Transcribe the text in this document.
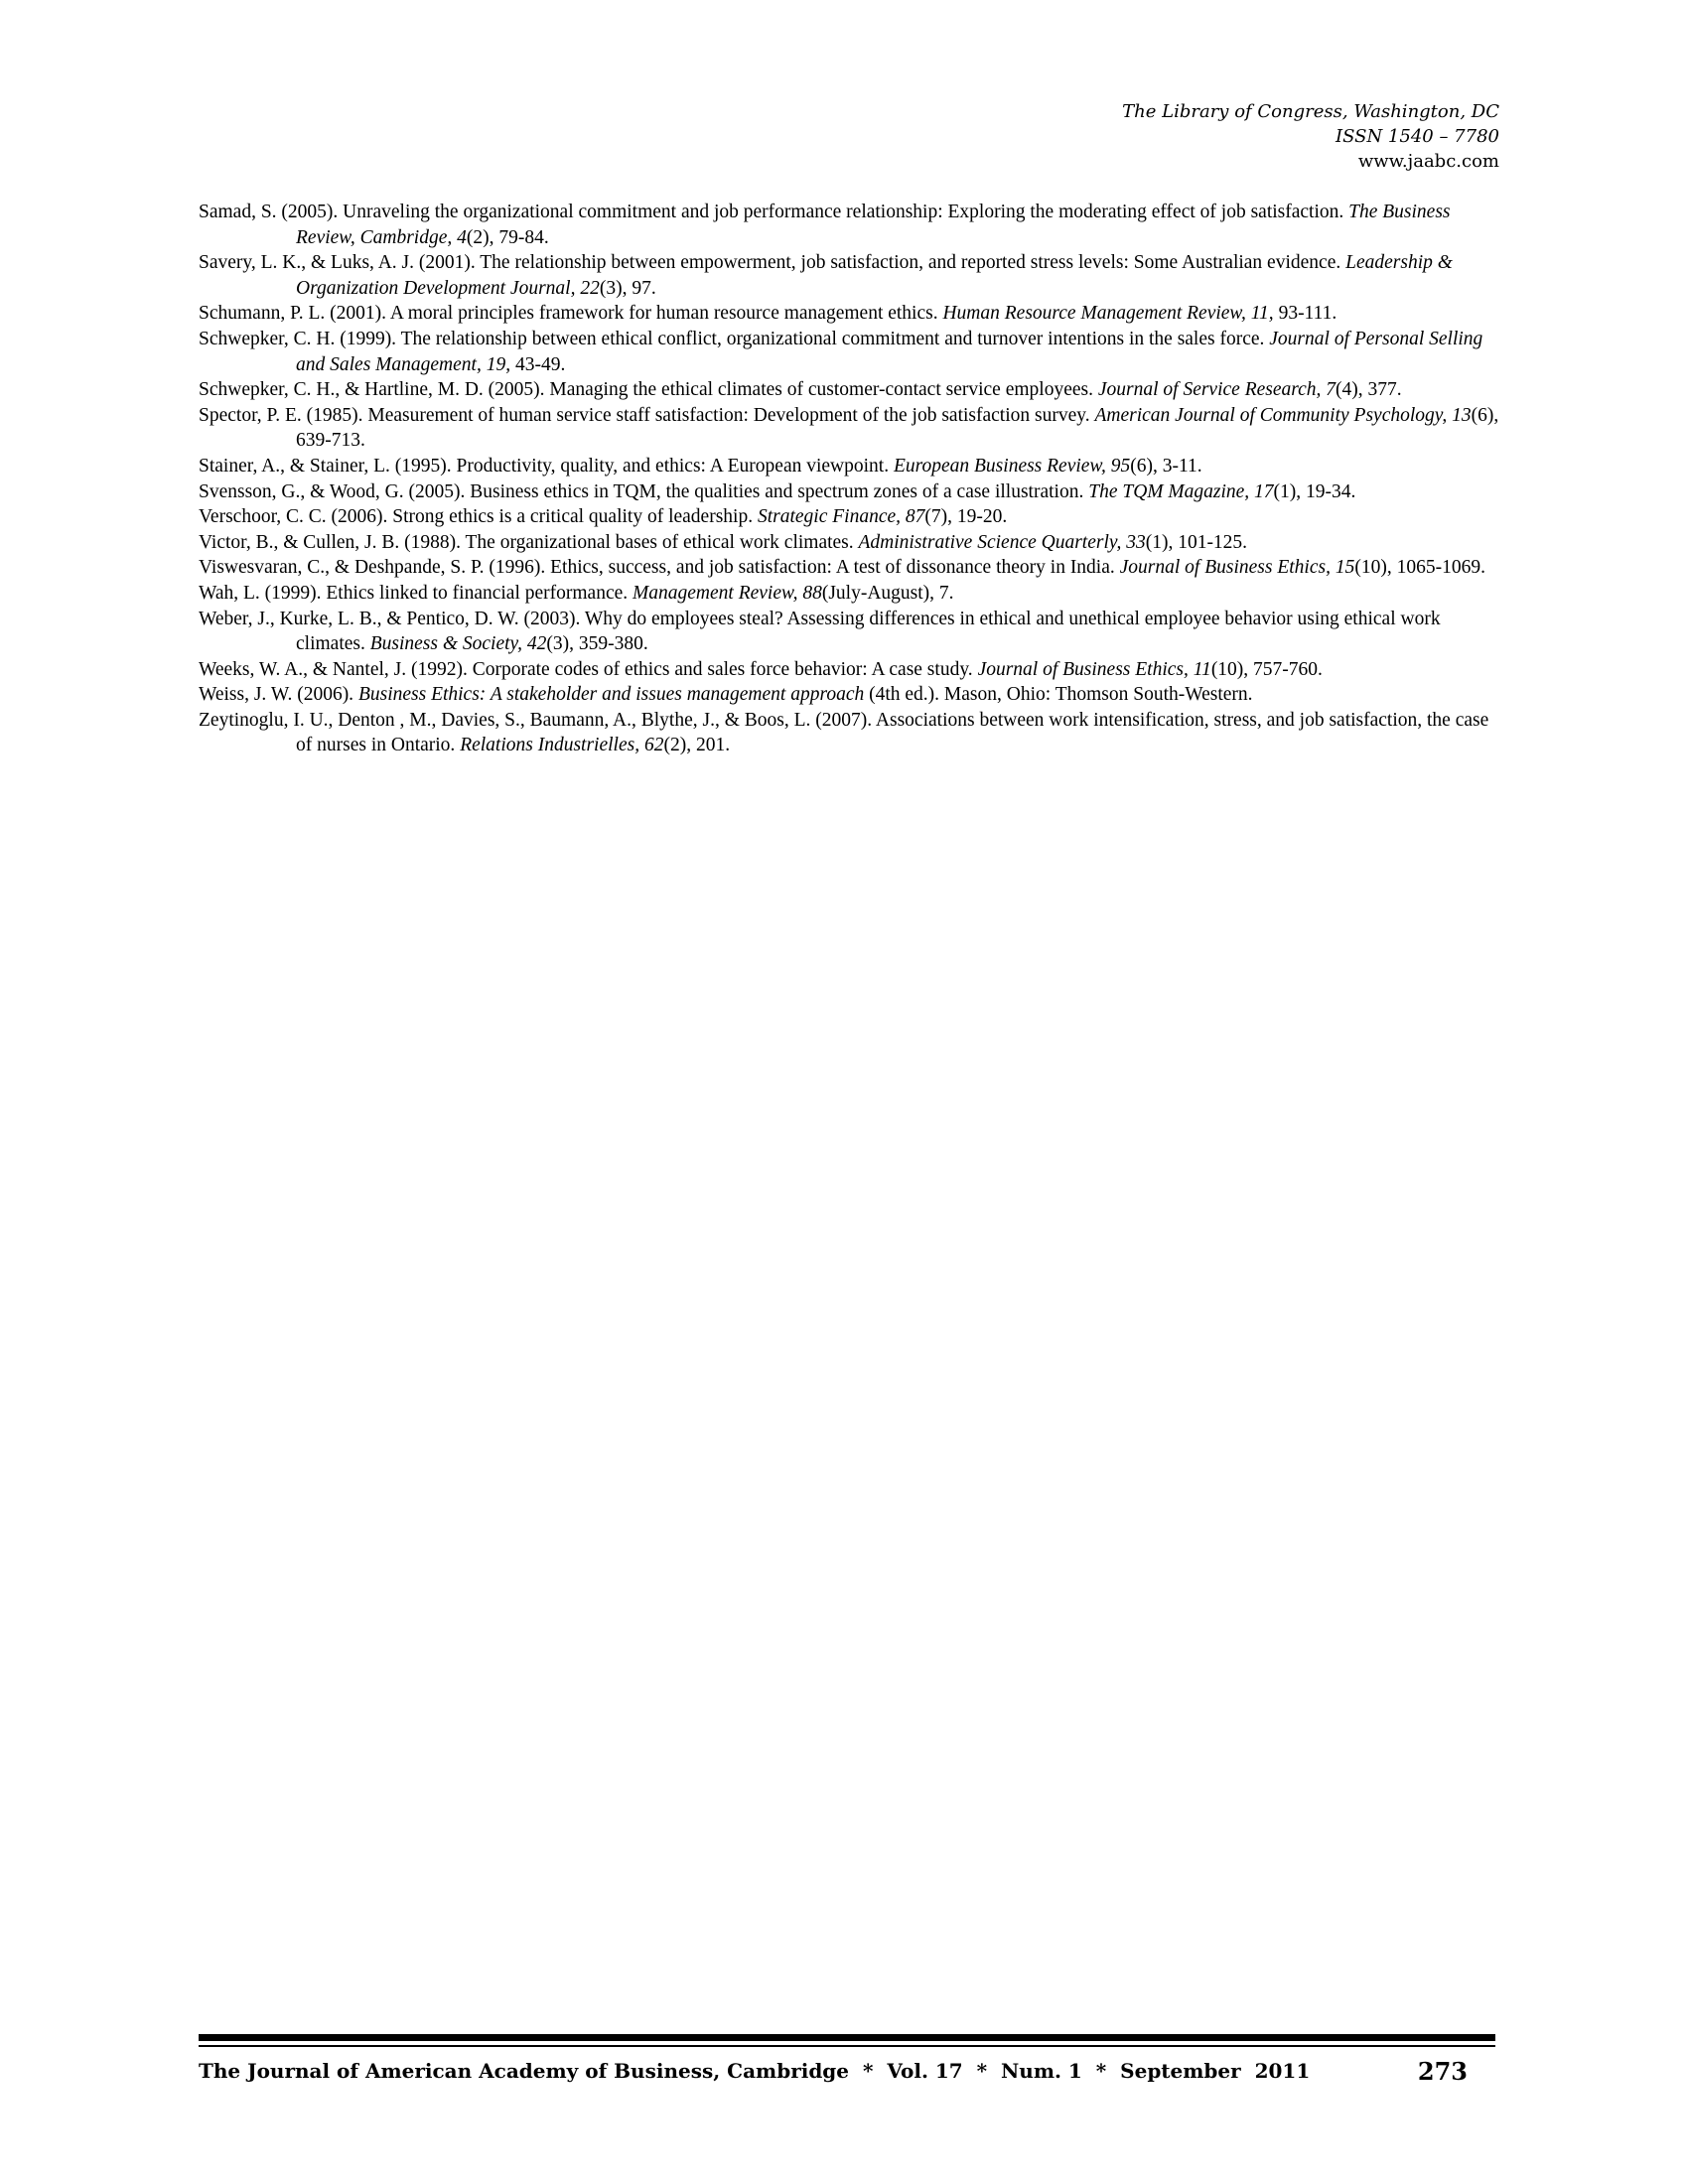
The Library of Congress, Washington, DC
ISSN 1540 – 7780
www.jaabc.com

Samad, S. (2005). Unraveling the organizational commitment and job performance relationship: Exploring the moderating effect of job satisfaction. The Business Review, Cambridge, 4(2), 79-84.

Savery, L. K., & Luks, A. J. (2001). The relationship between empowerment, job satisfaction, and reported stress levels: Some Australian evidence. Leadership & Organization Development Journal, 22(3), 97.

Schumann, P. L. (2001). A moral principles framework for human resource management ethics. Human Resource Management Review, 11, 93-111.

Schwepker, C. H. (1999). The relationship between ethical conflict, organizational commitment and turnover intentions in the sales force. Journal of Personal Selling and Sales Management, 19, 43-49.

Schwepker, C. H., & Hartline, M. D. (2005). Managing the ethical climates of customer-contact service employees. Journal of Service Research, 7(4), 377.

Spector, P. E. (1985). Measurement of human service staff satisfaction: Development of the job satisfaction survey. American Journal of Community Psychology, 13(6), 639-713.

Stainer, A., & Stainer, L. (1995). Productivity, quality, and ethics: A European viewpoint. European Business Review, 95(6), 3-11.

Svensson, G., & Wood, G. (2005). Business ethics in TQM, the qualities and spectrum zones of a case illustration. The TQM Magazine, 17(1), 19-34.

Verschoor, C. C. (2006). Strong ethics is a critical quality of leadership. Strategic Finance, 87(7), 19-20.

Victor, B., & Cullen, J. B. (1988). The organizational bases of ethical work climates. Administrative Science Quarterly, 33(1), 101-125.

Viswesvaran, C., & Deshpande, S. P. (1996). Ethics, success, and job satisfaction: A test of dissonance theory in India. Journal of Business Ethics, 15(10), 1065-1069.

Wah, L. (1999). Ethics linked to financial performance. Management Review, 88(July-August), 7.

Weber, J., Kurke, L. B., & Pentico, D. W. (2003). Why do employees steal? Assessing differences in ethical and unethical employee behavior using ethical work climates. Business & Society, 42(3), 359-380.

Weeks, W. A., & Nantel, J. (1992). Corporate codes of ethics and sales force behavior: A case study. Journal of Business Ethics, 11(10), 757-760.

Weiss, J. W. (2006). Business Ethics: A stakeholder and issues management approach (4th ed.). Mason, Ohio: Thomson South-Western.

Zeytinoglu, I. U., Denton , M., Davies, S., Baumann, A., Blythe, J., & Boos, L. (2007). Associations between work intensification, stress, and job satisfaction, the case of nurses in Ontario. Relations Industrielles, 62(2), 201.

The Journal of American Academy of Business, Cambridge  *  Vol. 17  *  Num. 1  *  September  2011	273
